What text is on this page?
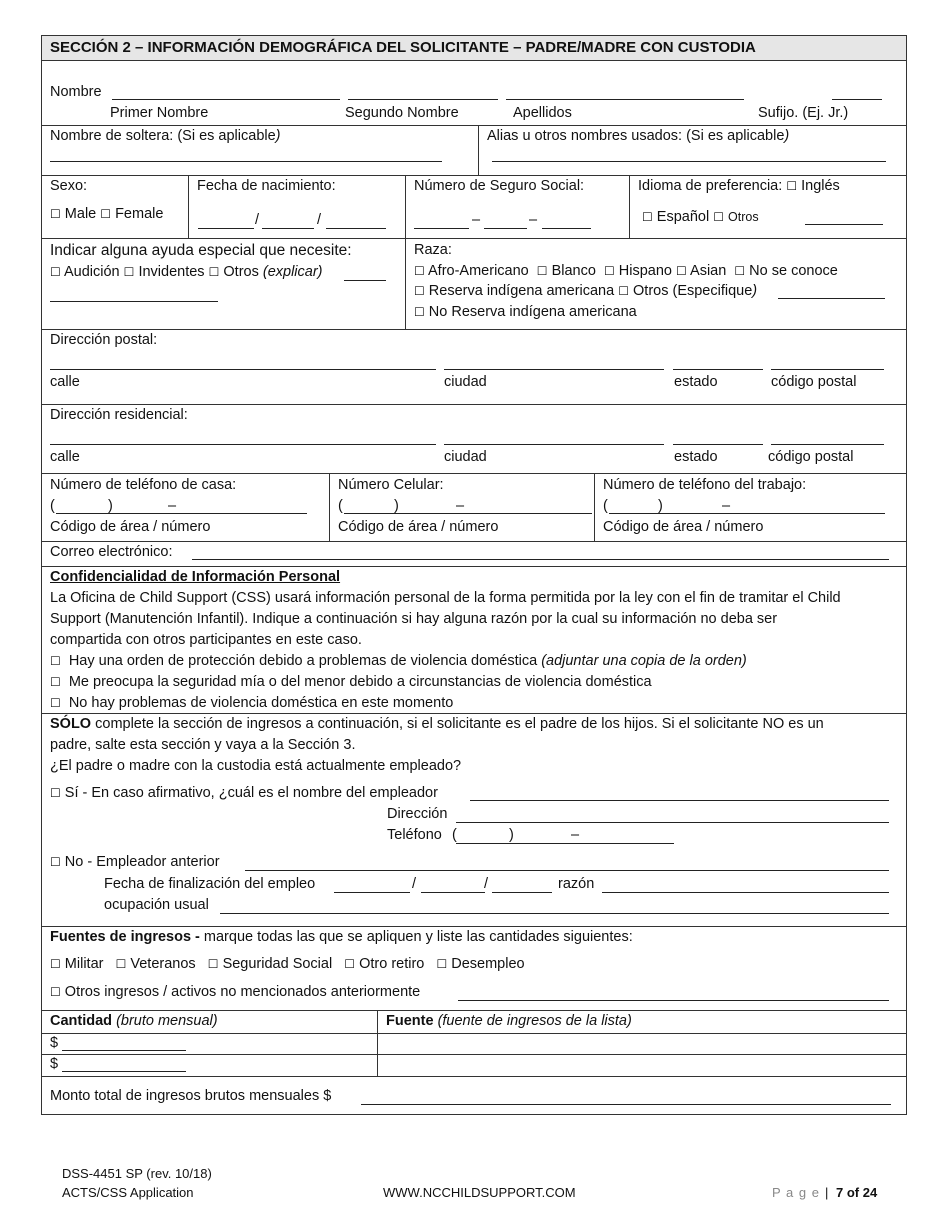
SECCIÓN 2 – INFORMACIÓN DEMOGRÁFICA DEL SOLICITANTE – PADRE/MADRE CON CUSTODIA
Nombre
Primer Nombre	Segundo Nombre	Apellidos	Sufijo. (Ej. Jr.)
Nombre de soltera: (Si es aplicable)	Alias u otros nombres usados: (Si es aplicable)
Sexo:
☐ Male ☐ Female
Fecha de nacimiento:
/	/
Número de Seguro Social:
–	–
Idioma de preferencia: ☐ Inglés
☐ Español ☐ Otros
Indicar alguna ayuda especial que necesite:
☐ Audición ☐ Invidentes ☐ Otros (explicar)
Raza:
☐ Afro-Americano ☐ Blanco ☐ Hispano ☐ Asian ☐ No se conoce
☐ Reserva indígena americana ☐ Otros (Especifique)
☐ No Reserva indígena americana
Dirección postal:
calle	ciudad	estado	código postal
Dirección residencial:
calle	ciudad	estado	código postal
Número de teléfono de casa:
(	)	–
Código de área / número
Número Celular:
(	)	–
Código de área / número
Número de teléfono del trabajo:
(	)	–
Código de área / número
Correo electrónico:
Confidencialidad de Información Personal
La Oficina de Child Support (CSS) usará información personal de la forma permitida por la ley con el fin de tramitar el Child
Support (Manutención Infantil). Indique a continuación si hay alguna razón por la cual su información no deba ser
compartida con otros participantes en este caso.
☐ Hay una orden de protección debido a problemas de violencia doméstica (adjuntar una copia de la orden)
☐ Me preocupa la seguridad mía o del menor debido a circunstancias de violencia doméstica
☐ No hay problemas de violencia doméstica en este momento
SÓLO complete la sección de ingresos a continuación, si el solicitante es el padre de los hijos. Si el solicitante NO es un
padre, salte esta sección y vaya a la Sección 3.
¿El padre o madre con la custodia está actualmente empleado?
☐ Sí - En caso afirmativo, ¿cuál es el nombre del empleador
Dirección
Teléfono (	)	–
☐ No - Empleador anterior
Fecha de finalización del empleo	/	/	razón
ocupación usual
Fuentes de ingresos - marque todas las que se apliquen y liste las cantidades siguientes:
☐ Militar ☐ Veteranos ☐ Seguridad Social ☐ Otro retiro ☐ Desempleo
☐ Otros ingresos / activos no mencionados anteriormente
Cantidad (bruto mensual)	Fuente (fuente de ingresos de la lista)
$
$
Monto total de ingresos brutos mensuales $
DSS-4451 SP (rev. 10/18)
ACTS/CSS Application	WWW.NCCHILDSUPPORT.COM	P a g e | 7 of 24
